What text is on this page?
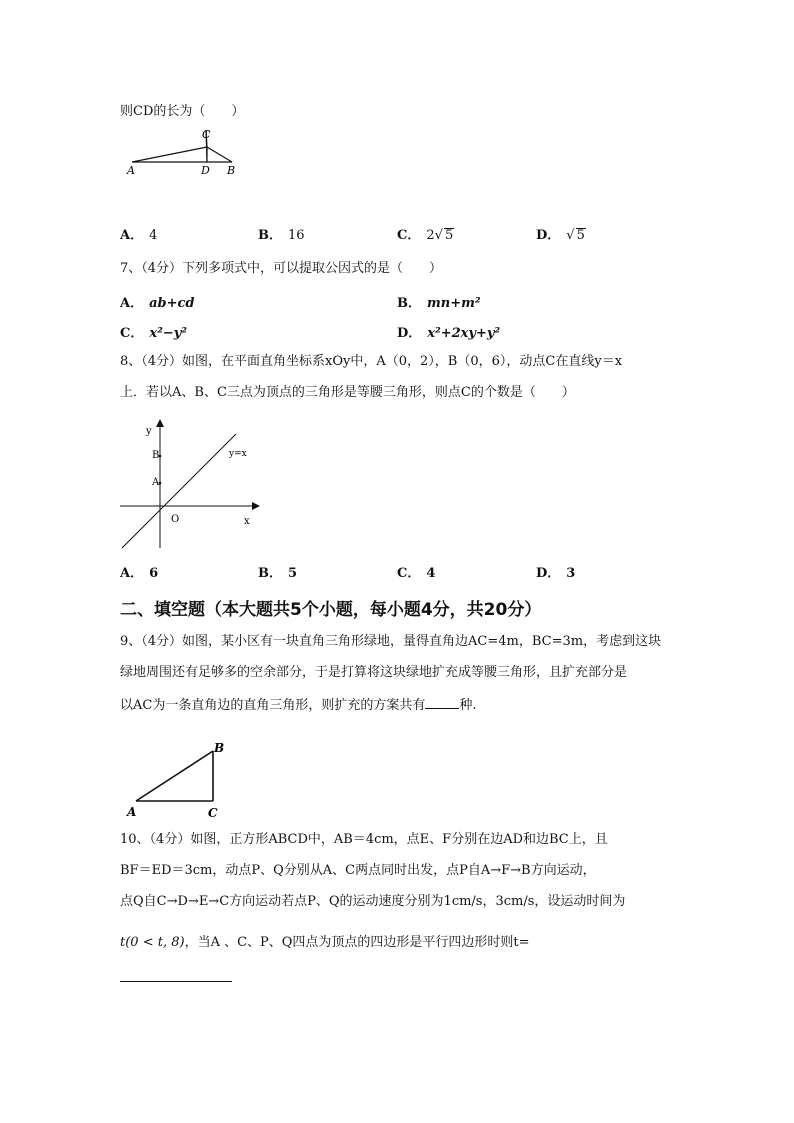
则CD的长为（　　）
C
A	D B
A． 4	B． 16	C． 2√ 5	D． √ 5
7、（4分）下列多项式中，可以提取公因式的是（　　）
A． ab+cd	B． mn+m²
C． x²−y²	D． x²+2xy+y²
8、（4分）如图，在平面直角坐标系xOy中，A（0，2），B（0，6），动点C在直线y＝x
上．若以A、B、C三点为顶点的三角形是等腰三角形，则点C的个数是（　　）
y
B
A
O	x
y=x
A． 6	B． 5	C． 4	D． 3
二、填空题（本大题共5个小题，每小题4分，共20分）
9、（4分）如图，某小区有一块直角三角形绿地，量得直角边AC=4m，BC=3m，考虑到这块
绿地周围还有足够多的空余部分，于是打算将这块绿地扩充成等腰三角形，且扩充部分是
以AC为一条直角边的直角三角形，则扩充的方案共有	种.
B
A	C
10、（4分）如图，正方形ABCD中，AB＝4cm，点E、F分别在边AD和边BC上，且
BF＝ED＝3cm，动点P、Q分别从A、C两点同时出发，点P自A→F→B方向运动，
点Q自C→D→E→C方向运动若点P、Q的运动速度分别为1cm/s，3cm/s，设运动时间为
t(0 < t, 8)，当A 、C、P、Q四点为顶点的四边形是平行四边形时则t=
